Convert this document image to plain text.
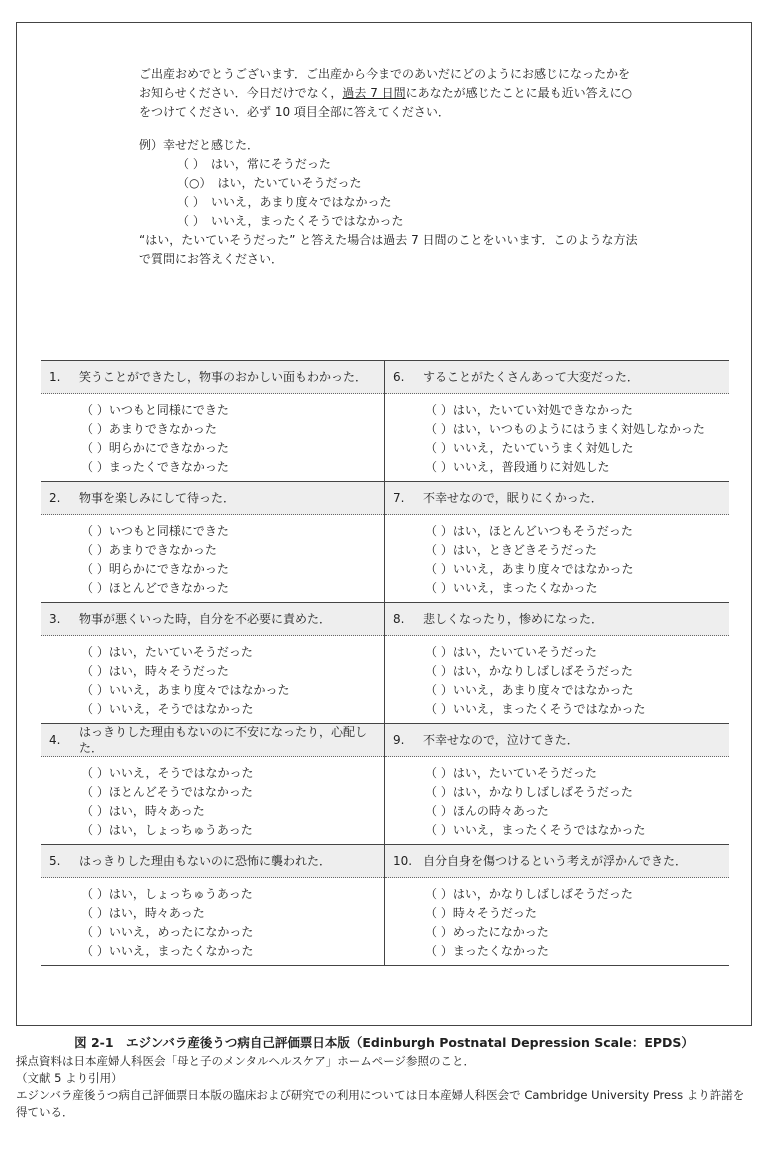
ご出産おめでとうございます．ご出産から今までのあいだにどのようにお感じになったかをお知らせください．今日だけでなく，過去 7 日間にあなたが感じたことに最も近い答えに○をつけてください．必ず 10 項目全部に答えてください．

例）幸せだと感じた．
（ ）　はい，常にそうだった
（○）　はい，たいていそうだった
（ ）　いいえ，あまり度々ではなかった
（ ）　いいえ，まったくそうではなかった

“はい，たいていそうだった” と答えた場合は過去 7 日間のことをいいます．このような方法で質問にお答えください．

1.	笑うことができたし，物事のおかしい面もわかった．
（ ）いつもと同様にできた
（ ）あまりできなかった
（ ）明らかにできなかった
（ ）まったくできなかった
6.	することがたくさんあって大変だった．
（ ）はい，たいてい対処できなかった
（ ）はい，いつものようにはうまく対処しなかった
（ ）いいえ，たいていうまく対処した
（ ）いいえ，普段通りに対処した
2.	物事を楽しみにして待った．
（ ）いつもと同様にできた
（ ）あまりできなかった
（ ）明らかにできなかった
（ ）ほとんどできなかった
7.	不幸せなので，眠りにくかった．
（ ）はい，ほとんどいつもそうだった
（ ）はい，ときどきそうだった
（ ）いいえ，あまり度々ではなかった
（ ）いいえ，まったくなかった
3.	物事が悪くいった時，自分を不必要に責めた．
（ ）はい，たいていそうだった
（ ）はい，時々そうだった
（ ）いいえ，あまり度々ではなかった
（ ）いいえ，そうではなかった
8.	悲しくなったり，惨めになった．
（ ）はい，たいていそうだった
（ ）はい，かなりしばしばそうだった
（ ）いいえ，あまり度々ではなかった
（ ）いいえ，まったくそうではなかった
4.
はっきりした理由もないのに不安になったり，心配した．
（ ）いいえ，そうではなかった
（ ）ほとんどそうではなかった
（ ）はい，時々あった
（ ）はい，しょっちゅうあった
9.	不幸せなので，泣けてきた．
（ ）はい，たいていそうだった
（ ）はい，かなりしばしばそうだった
（ ）ほんの時々あった
（ ）いいえ，まったくそうではなかった
5.	はっきりした理由もないのに恐怖に襲われた．
（ ）はい，しょっちゅうあった
（ ）はい，時々あった
（ ）いいえ，めったになかった
（ ）いいえ，まったくなかった
10. 自分自身を傷つけるという考えが浮かんできた．
（ ）はい，かなりしばしばそうだった
（ ）時々そうだった
（ ）めったになかった
（ ）まったくなかった
図 2-1　エジンバラ産後うつ病自己評価票日本版（Edinburgh Postnatal Depression Scale：EPDS）

採点資料は日本産婦人科医会「母と子のメンタルヘルスケア」ホームページ参照のこと．

（文献 5 より引用）

エジンバラ産後うつ病自己評価票日本版の臨床および研究での利用については日本産婦人科医会で Cambridge University Press より許諾を得ている．
